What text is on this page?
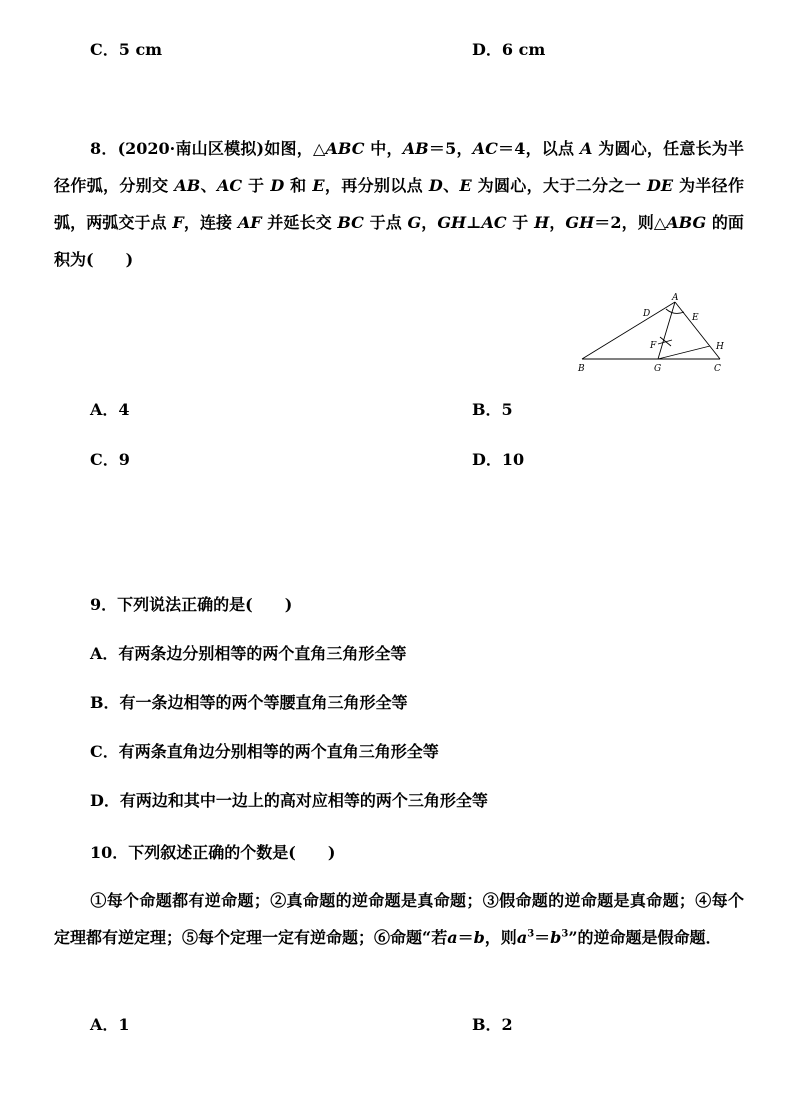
C．5 cm	D．6 cm
8．(2020·南山区模拟)如图，△ABC 中，AB＝5，AC＝4，以点 A 为圆心，任意长为半径作弧，分别交 AB、AC 于 D 和 E，再分别以点 D、E 为圆心，大于二分之一 DE 为半径作弧，两弧交于点 F，连接 AF 并延长交 BC 于点 G，GH⊥AC 于 H，GH＝2，则△ABG 的面积为(　　)
A
B	C
D	E
F
G
H
A．4	B．5
C．9	D．10
9．下列说法正确的是(　　)
A．有两条边分别相等的两个直角三角形全等
B．有一条边相等的两个等腰直角三角形全等
C．有两条直角边分别相等的两个直角三角形全等
D．有两边和其中一边上的高对应相等的两个三角形全等
10．下列叙述正确的个数是(　　)
①每个命题都有逆命题；②真命题的逆命题是真命题；③假命题的逆命题是真命题；④每个定理都有逆定理；⑤每个定理一定有逆命题；⑥命题“若a＝b，则$a^3=b^3$”的逆命题是假命题．
A．1	B．2
